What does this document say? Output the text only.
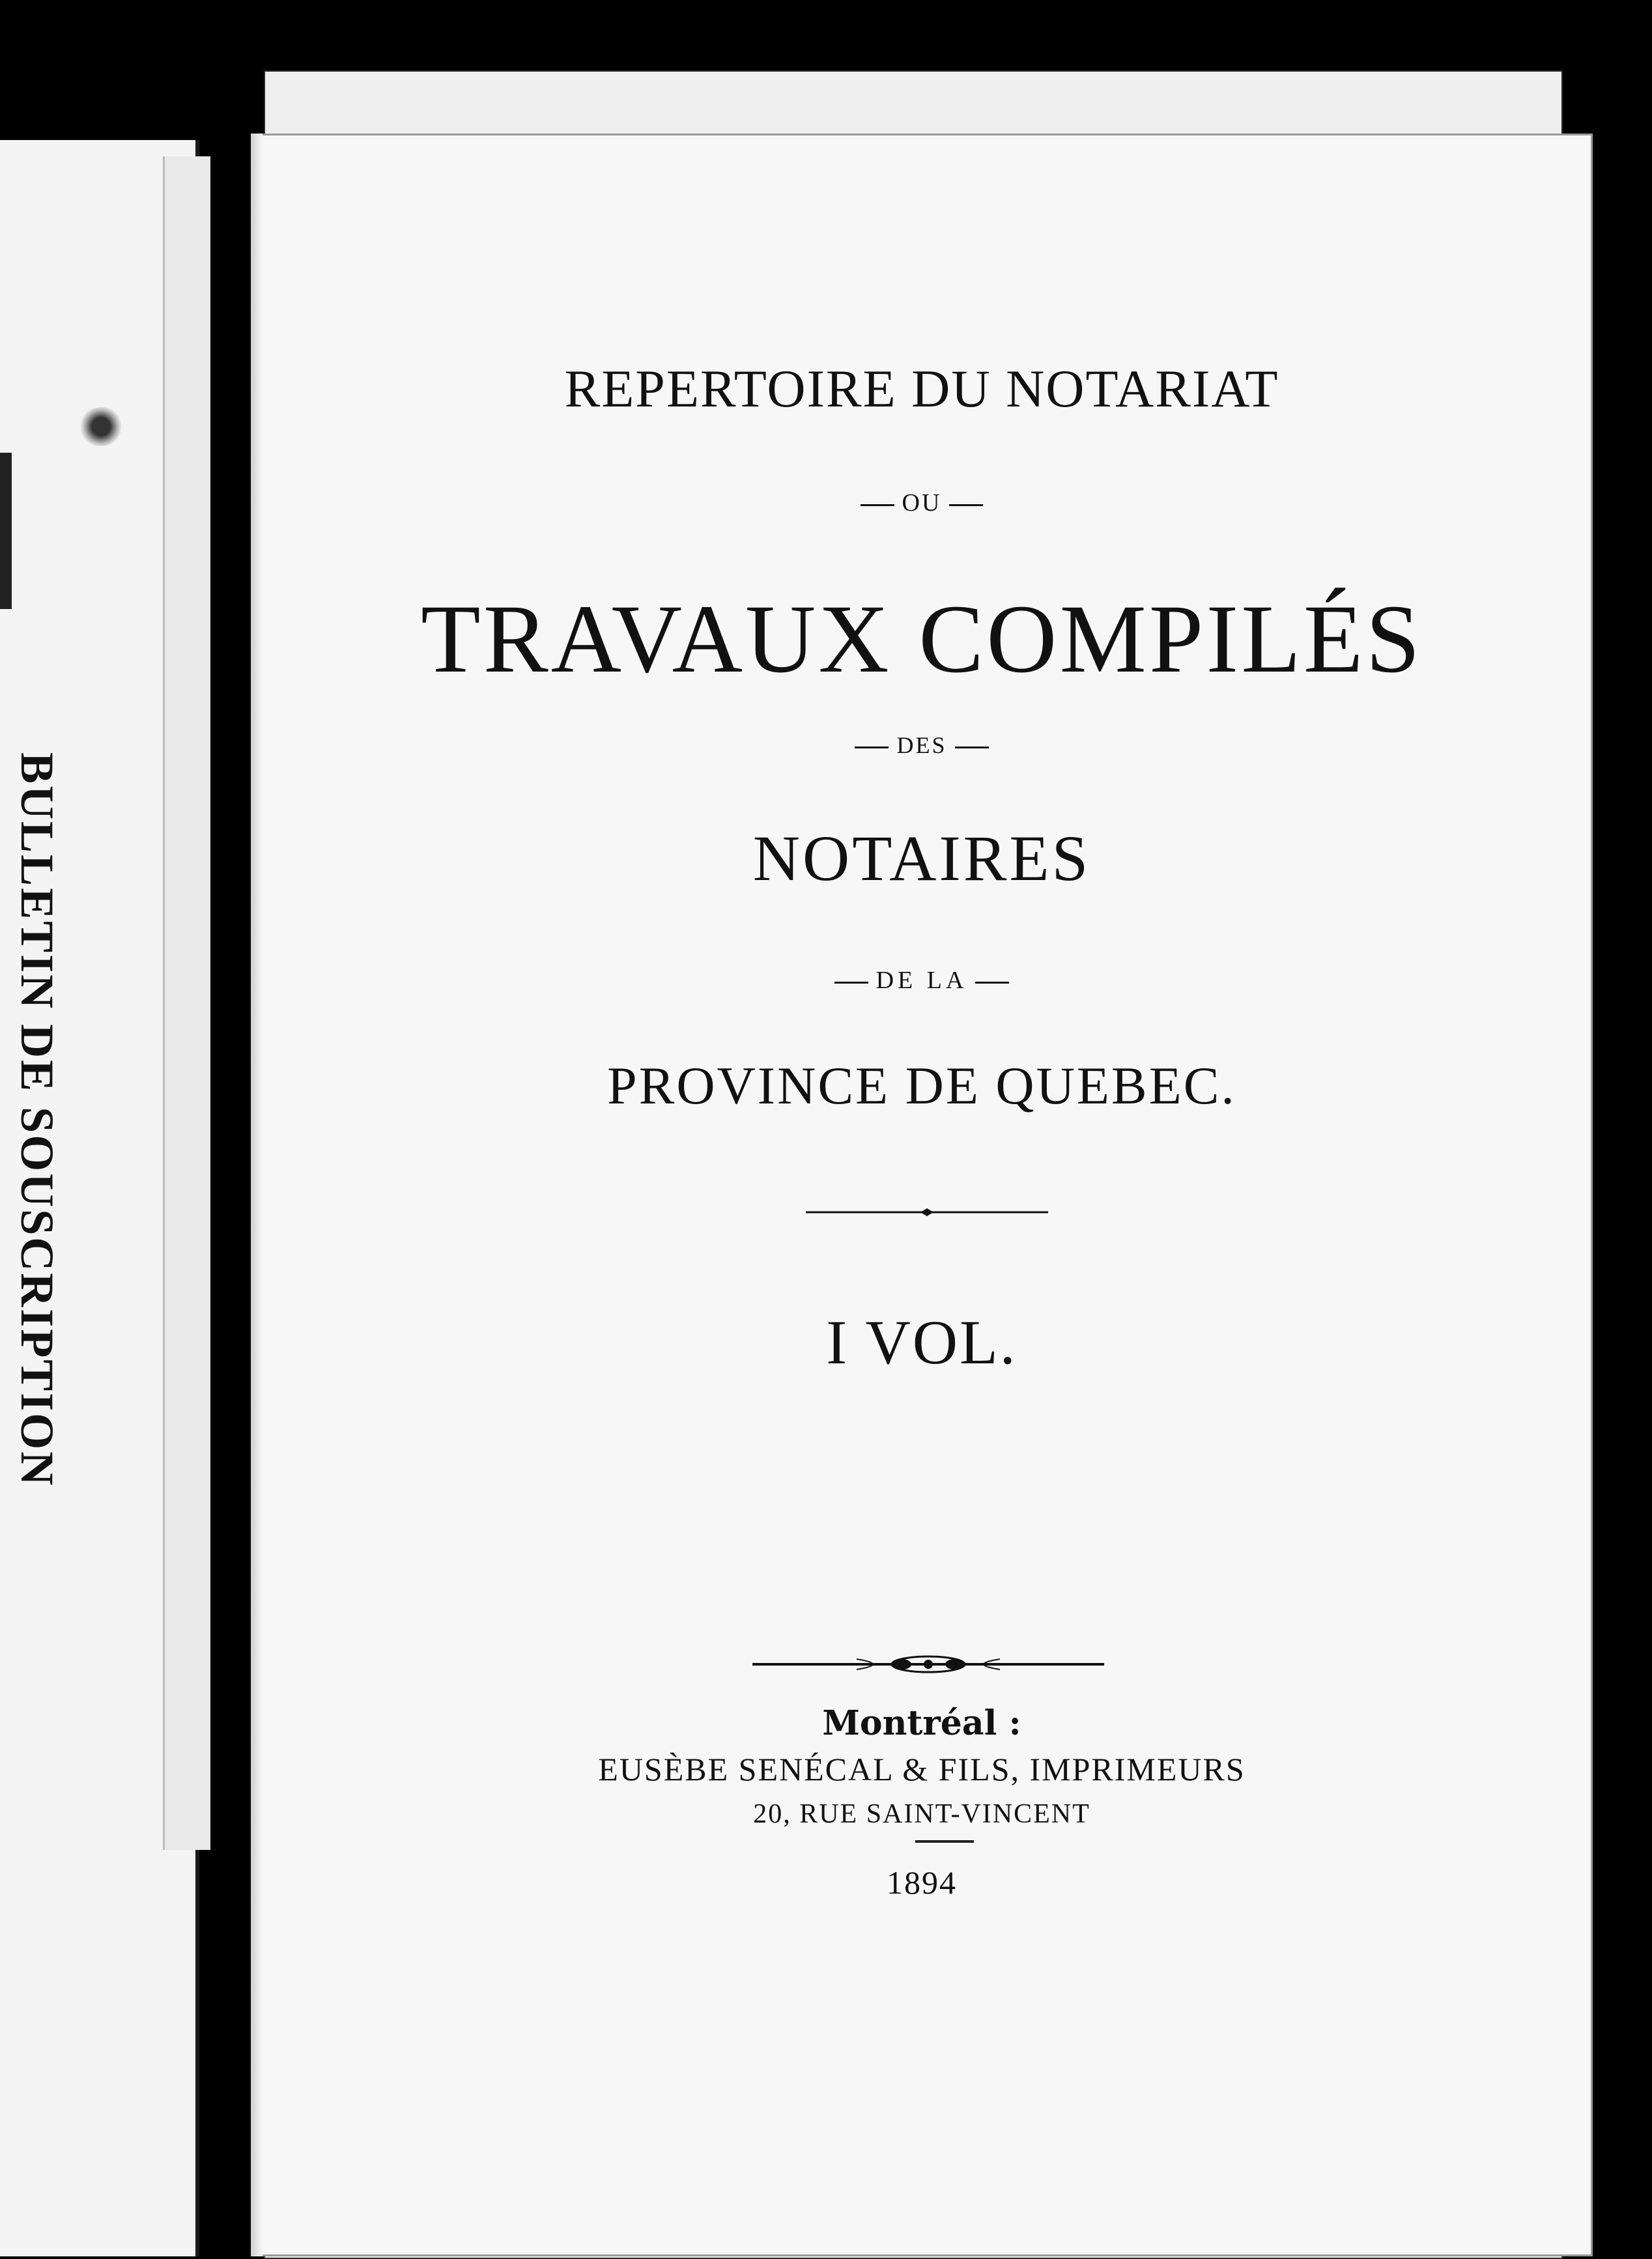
BULLETIN DE SOUSCRIPTION
REPERTOIRE DU NOTARIAT
OU
TRAVAUX COMPILÉS
DES
NOTAIRES
DE LA
PROVINCE DE QUEBEC.
I VOL.
Montréal :
EUSÈBE SENÉCAL & FILS, IMPRIMEURS
20, RUE SAINT-VINCENT
1894
